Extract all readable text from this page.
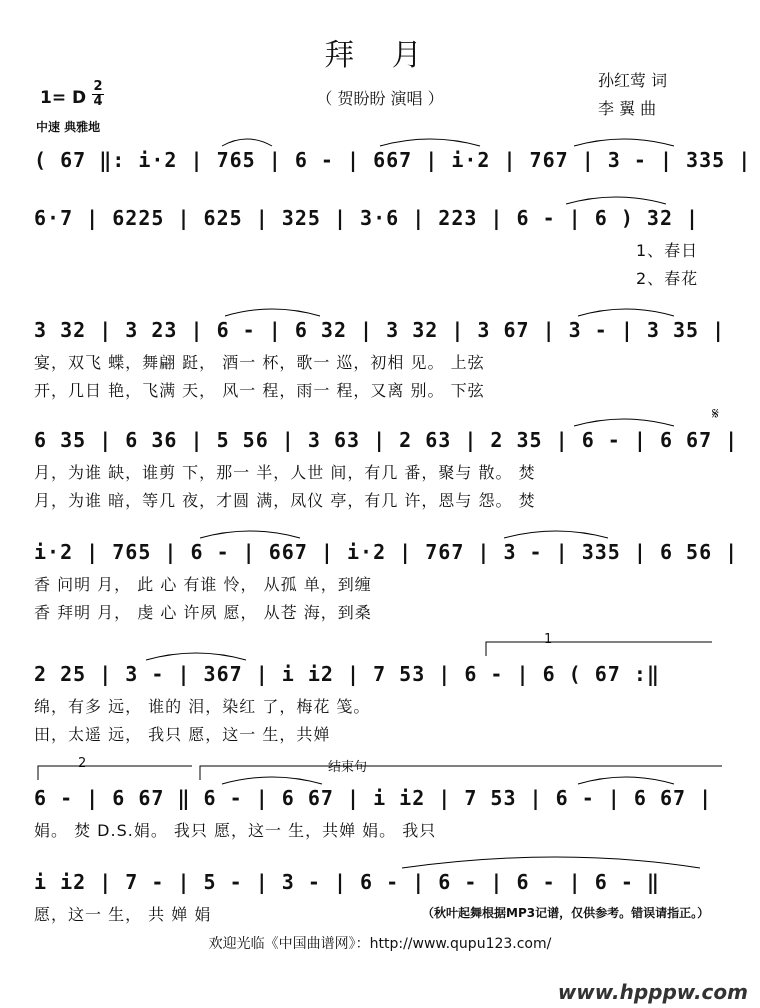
拜 月
（ 贺盼盼 演唱 ）
孙红莺 词
李 翼 曲
1= D
2
4
中速 典雅地
( 67 ‖: i·2 | 765 | 6 - | 667 | i·2 | 767 | 3 - | 335 |
6·7 | 6225 | 625 | 325 | 3·6 | 223 | 6 - | 6 ) 32 |
1、春日
2、春花
3 32 | 3 23 | 6 - | 6 32 | 3 32 | 3 67 | 3 - | 3 35 |
宴，双飞 蝶，舞翩 跹， 酒一 杯，歌一 巡，初相 见。 上弦
开，几日 艳，飞满 天， 风一 程，雨一 程，又离 别。 下弦
6 35 | 6 36 | 5 56 | 3 63 | 2 63 | 2 35 | 6 - | 6 67 |
𝄋
月，为谁 缺，谁剪 下，那一 半，人世 间，有几 番，聚与 散。 焚
月，为谁 暗，等几 夜，才圆 满，凤仪 亭，有几 许，恩与 怨。 焚
i·2 | 765 | 6 - | 667 | i·2 | 767 | 3 - | 335 | 6 56 |
香 问明 月， 此 心 有谁 怜， 从孤 单，到缠
香 拜明 月， 虔 心 许夙 愿， 从苍 海，到桑
1
2 25 | 3 - | 367 | i i2 | 7 53 | 6 - | 6 ( 67 :‖
绵，有多 远， 谁的 泪，染红 了，梅花 笺。
田，太遥 远， 我只 愿，这一 生，共婵
2	结束句
6 - | 6 67 ‖ 6 - | 6 67 | i i2 | 7 53 | 6 - | 6 67 |
娟。 焚 D.S.娟。 我只 愿，这一 生，共婵 娟。 我只
i i2 | 7 - | 5 - | 3 - | 6 - | 6 - | 6 - | 6 - ‖
愿，这一 生， 共 婵 娟	（秋叶起舞根据MP3记谱，仅供参考。错误请指正。）
欢迎光临《中国曲谱网》：http://www.qupu123.com/
www.hpppw.com
